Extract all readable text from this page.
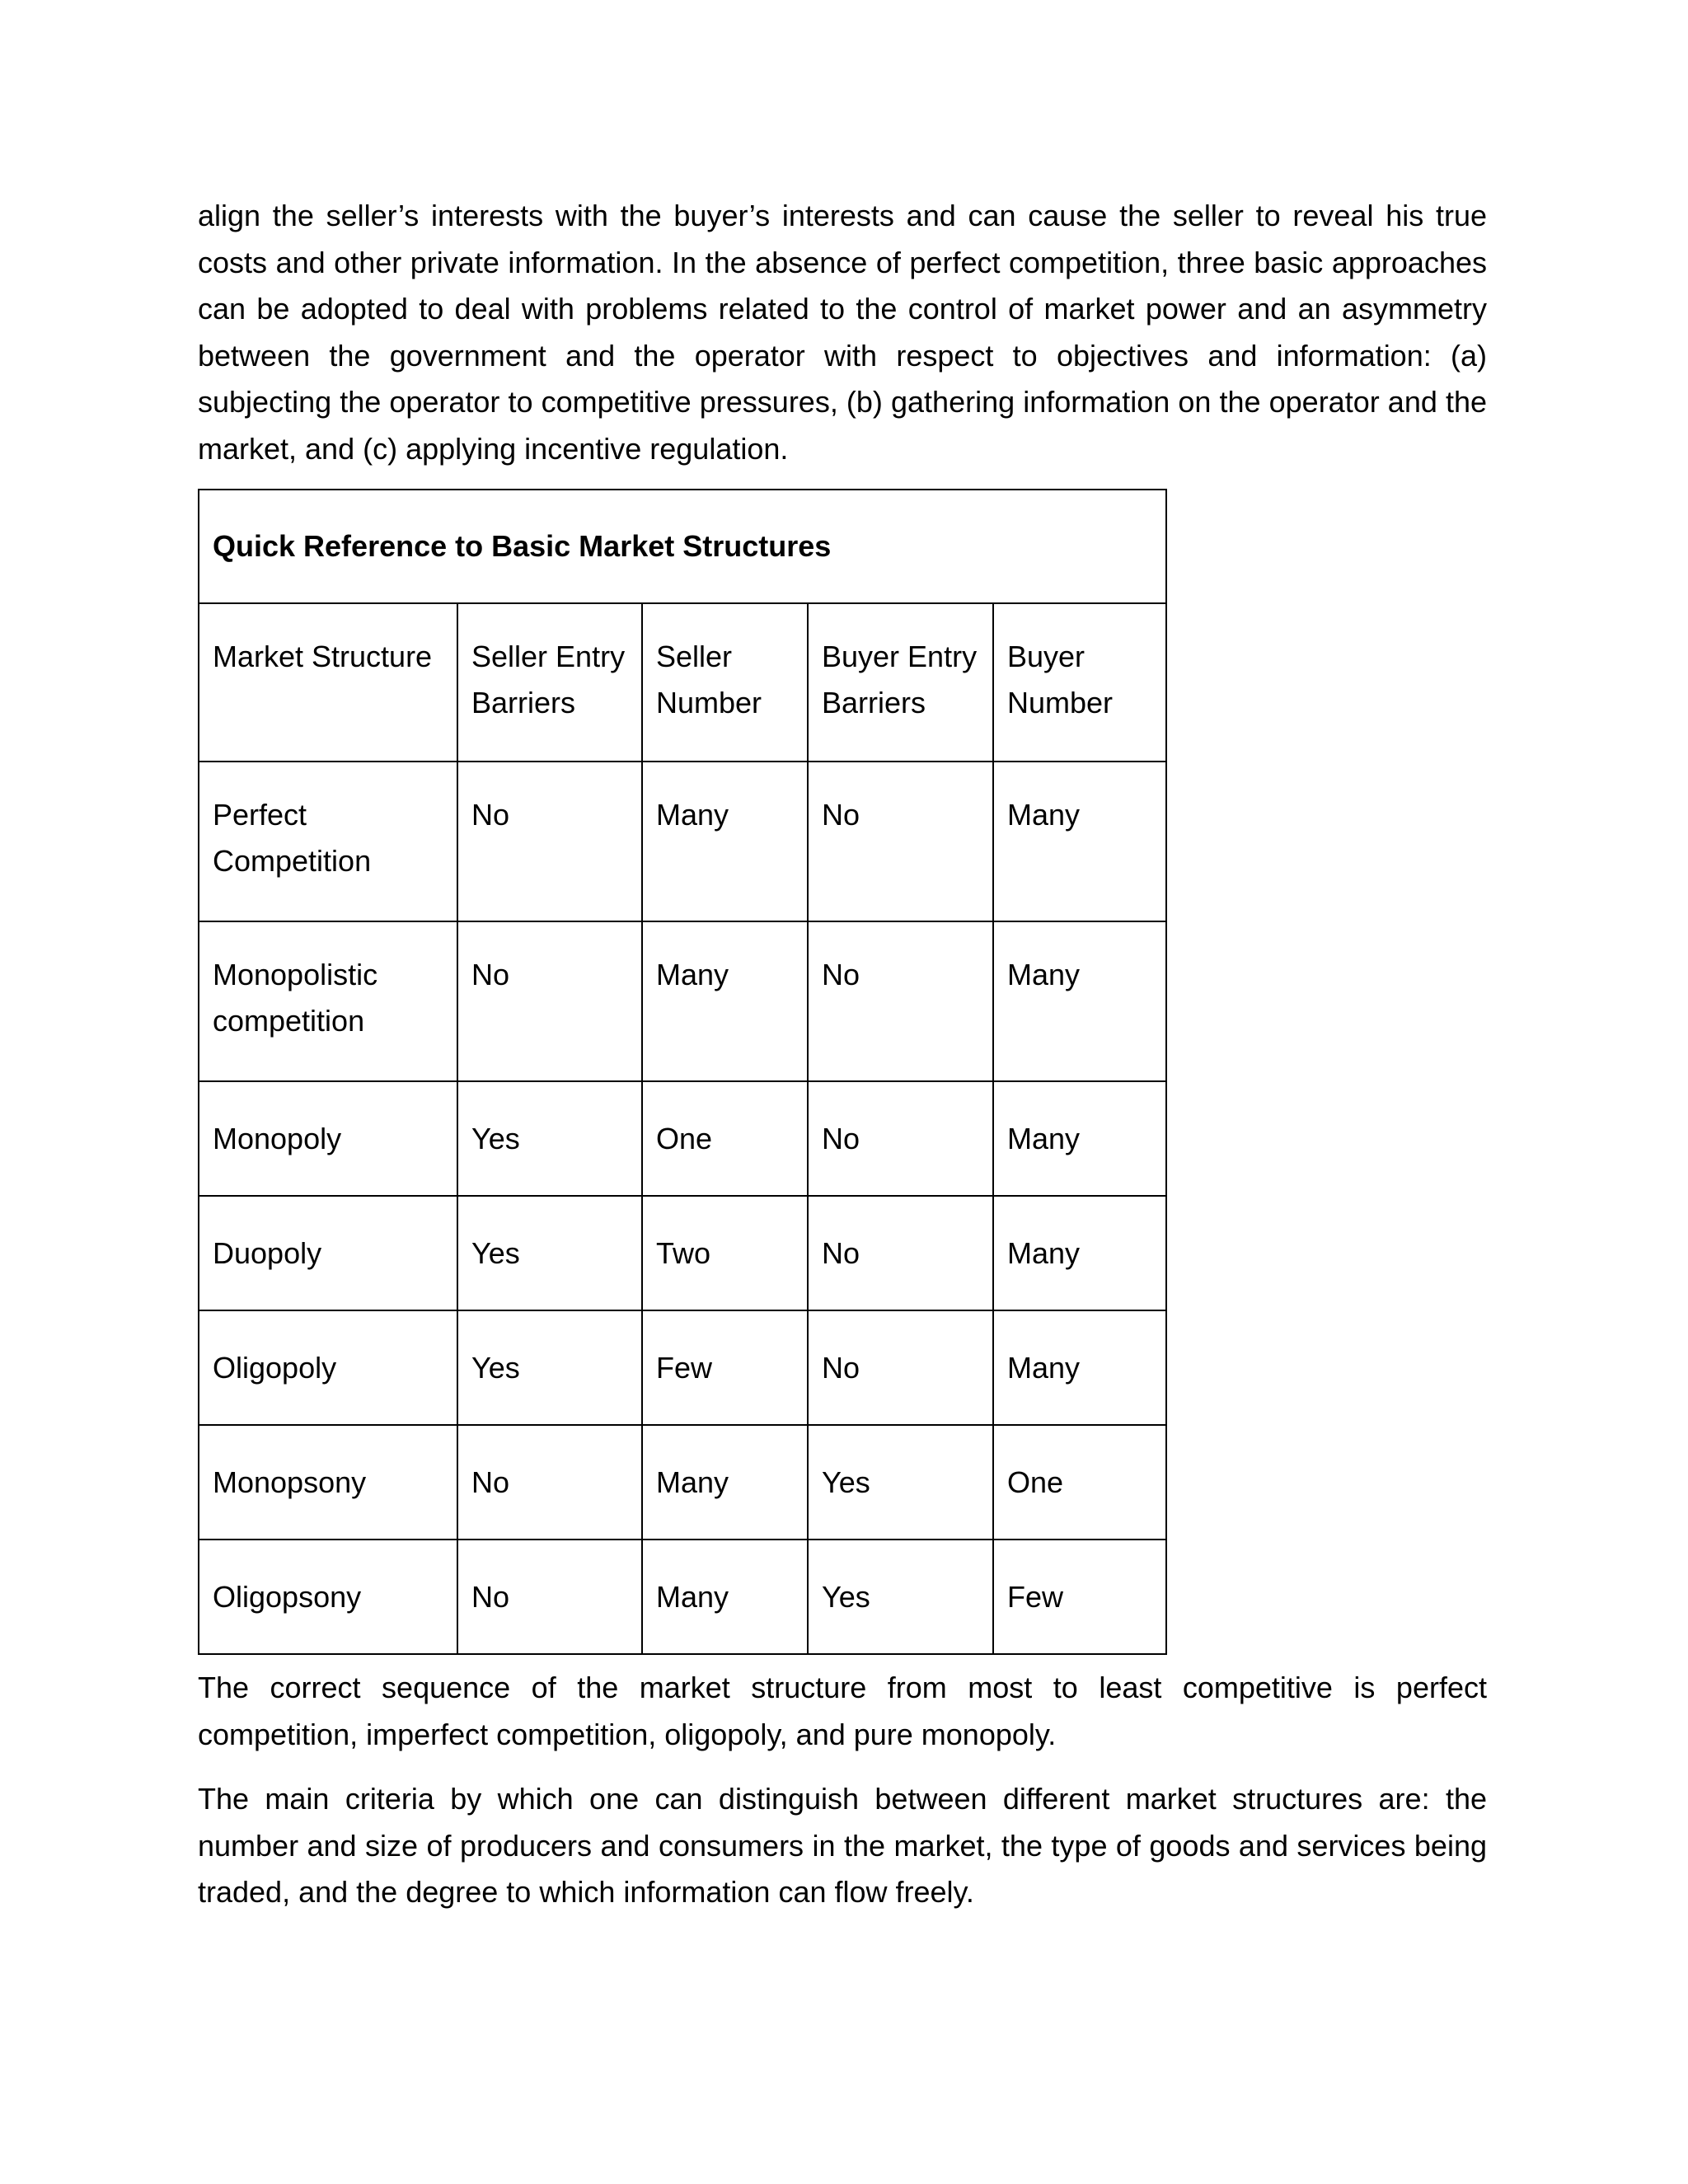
align the seller’s interests with the buyer’s interests and can cause the seller to reveal his true costs and other private information. In the absence of perfect competition, three basic approaches can be adopted to deal with problems related to the control of market power and an asymmetry between the government and the operator with respect to objectives and information: (a) subjecting the operator to competitive pressures, (b) gathering information on the operator and the market, and (c) applying incentive regulation.

Quick Reference to Basic Market Structures				
Market Structure	Seller Entry Barriers	Seller Number	Buyer Entry Barriers	Buyer Number
Perfect Competition	No	Many	No	Many
Monopolistic competition	No	Many	No	Many
Monopoly	Yes	One	No	Many
Duopoly	Yes	Two	No	Many
Oligopoly	Yes	Few	No	Many
Monopsony	No	Many	Yes	One
Oligopsony	No	Many	Yes	Few

The correct sequence of the market structure from most to least competitive is perfect competition, imperfect competition, oligopoly, and pure monopoly.

The main criteria by which one can distinguish between different market structures are: the number and size of producers and consumers in the market, the type of goods and services being traded, and the degree to which information can flow freely.
